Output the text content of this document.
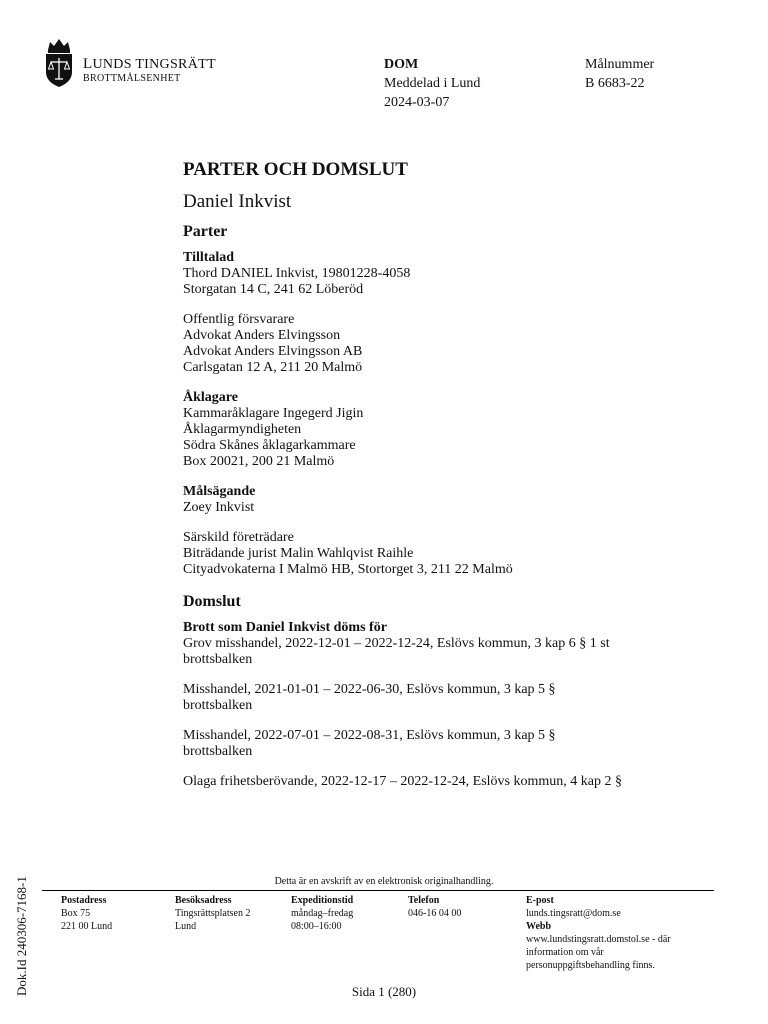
LUNDS TINGSRÄTT
BROTTMÅLSENHET
DOM
Meddelad i Lund
2024-03-07
Målnummer
B 6683-22
PARTER OCH DOMSLUT
Daniel Inkvist
Parter
Tilltalad
Thord DANIEL Inkvist, 19801228-4058
Storgatan 14 C, 241 62 Löberöd
Offentlig försvarare
Advokat Anders Elvingsson
Advokat Anders Elvingsson AB
Carlsgatan 12 A, 211 20 Malmö
Åklagare
Kammaråklagare Ingegerd Jigin
Åklagarmyndigheten
Södra Skånes åklagarkammare
Box 20021, 200 21 Malmö
Målsägande
Zoey Inkvist
Särskild företrädare
Biträdande jurist Malin Wahlqvist Raihle
Cityadvokaterna I Malmö HB, Stortorget 3, 211 22 Malmö
Domslut
Brott som Daniel Inkvist döms för
Grov misshandel, 2022-12-01 – 2022-12-24, Eslövs kommun, 3 kap 6 § 1 st
brottsbalken
Misshandel, 2021-01-01 – 2022-06-30, Eslövs kommun, 3 kap 5 §
brottsbalken
Misshandel, 2022-07-01 – 2022-08-31, Eslövs kommun, 3 kap 5 §
brottsbalken
Olaga frihetsberövande, 2022-12-17 – 2022-12-24, Eslövs kommun, 4 kap 2 §
Detta är en avskrift av en elektronisk originalhandling.
Postadress
Box 75
221 00 Lund
Besöksadress
Tingsrättsplatsen 2
Lund
Expeditionstid
måndag–fredag
08:00–16:00
Telefon
046-16 04 00
E-post
lunds.tingsratt@dom.se
Webb
www.lundstingsratt.domstol.se - där
information om vår
personuppgiftsbehandling finns.
Dok.Id 240306-7168-1	Sida 1 (280)
